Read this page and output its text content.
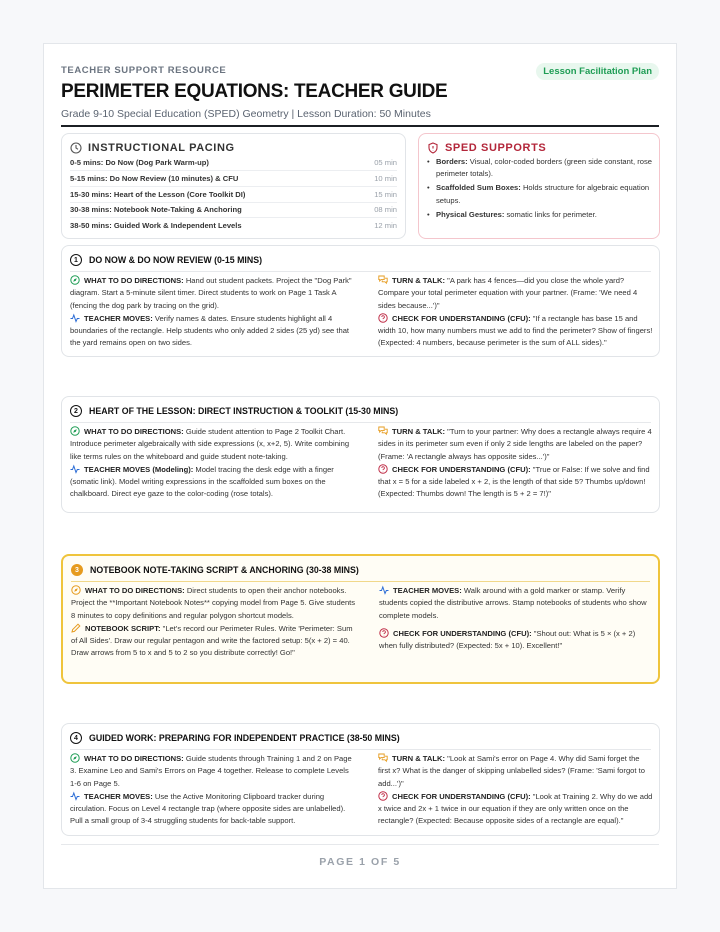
TEACHER SUPPORT RESOURCE	Lesson Facilitation Plan
PERIMETER EQUATIONS: TEACHER GUIDE
Grade 9-10 Special Education (SPED) Geometry | Lesson Duration: 50 Minutes
INSTRUCTIONAL PACING
0-5 mins: Do Now (Dog Park Warm-up)	05 min
5-15 mins: Do Now Review (10 minutes) & CFU	10 min
15-30 mins: Heart of the Lesson (Core Toolkit DI)	15 min
30-38 mins: Notebook Note-Taking & Anchoring	08 min
38-50 mins: Guided Work & Independent Levels	12 min
SPED SUPPORTS
• Borders: Visual, color-coded borders (green side constant, rose perimeter totals).
• Scaffolded Sum Boxes: Holds structure for algebraic equation setups.
• Physical Gestures: somatic links for perimeter.
1	DO NOW & DO NOW REVIEW (0-15 MINS)
WHAT TO DO DIRECTIONS: Hand out student packets. Project the "Dog Park" diagram. Start a 5-minute silent timer. Direct students to work on Page 1 Task A (fencing the dog park by tracing on the grid).
TEACHER MOVES: Verify names & dates. Ensure students highlight all 4 boundaries of the rectangle. Help students who only added 2 sides (25 yd) see that the yard remains open on two sides.
TURN & TALK: "A park has 4 fences—did you close the whole yard? Compare your total perimeter equation with your partner. (Frame: 'We need 4 sides because...')"
CHECK FOR UNDERSTANDING (CFU): "If a rectangle has base 15 and width 10, how many numbers must we add to find the perimeter? Show of fingers! (Expected: 4 numbers, because perimeter is the sum of ALL sides)."
2	HEART OF THE LESSON: DIRECT INSTRUCTION & TOOLKIT (15-30 MINS)
WHAT TO DO DIRECTIONS: Guide student attention to Page 2 Toolkit Chart. Introduce perimeter algebraically with side expressions (x, x+2, 5). Write combining like terms rules on the whiteboard and guide student note-taking.
TEACHER MOVES (Modeling): Model tracing the desk edge with a finger (somatic link). Model writing expressions in the scaffolded sum boxes on the chalkboard. Direct eye gaze to the color-coding (rose totals).
TURN & TALK: "Turn to your partner: Why does a rectangle always require 4 sides in its perimeter sum even if only 2 side lengths are labeled on the paper? (Frame: 'A rectangle always has opposite sides...')"
CHECK FOR UNDERSTANDING (CFU): "True or False: If we solve and find that x = 5 for a side labeled x + 2, is the length of that side 5? Thumbs up/down! (Expected: Thumbs down! The length is 5 + 2 = 7!)"
3	NOTEBOOK NOTE-TAKING SCRIPT & ANCHORING (30-38 MINS)
WHAT TO DO DIRECTIONS: Direct students to open their anchor notebooks. Project the **Important Notebook Notes** copying model from Page 5. Give students 8 minutes to copy definitions and regular polygon shortcut models.
NOTEBOOK SCRIPT: "Let's record our Perimeter Rules. Write 'Perimeter: Sum of All Sides'. Draw our regular pentagon and write the factored setup: 5(x + 2) = 40. Draw arrows from 5 to x and 5 to 2 so you distribute correctly! Go!"
TEACHER MOVES: Walk around with a gold marker or stamp. Verify students copied the distributive arrows. Stamp notebooks of students who show complete models.
CHECK FOR UNDERSTANDING (CFU): "Shout out: What is 5 × (x + 2) when fully distributed? (Expected: 5x + 10). Excellent!"
4	GUIDED WORK: PREPARING FOR INDEPENDENT PRACTICE (38-50 MINS)
WHAT TO DO DIRECTIONS: Guide students through Training 1 and 2 on Page 3. Examine Leo and Sami's Errors on Page 4 together. Release to complete Levels 1-6 on Page 5.
TEACHER MOVES: Use the Active Monitoring Clipboard tracker during circulation. Focus on Level 4 rectangle trap (where opposite sides are unlabelled). Pull a small group of 3-4 struggling students for back-table support.
TURN & TALK: "Look at Sami's error on Page 4. Why did Sami forget the first x? What is the danger of skipping unlabelled sides? (Frame: 'Sami forgot to add...')"
CHECK FOR UNDERSTANDING (CFU): "Look at Training 2. Why do we add x twice and 2x + 1 twice in our equation if they are only written once on the rectangle? (Expected: Because opposite sides of a rectangle are equal)."
PAGE 1 OF 5
